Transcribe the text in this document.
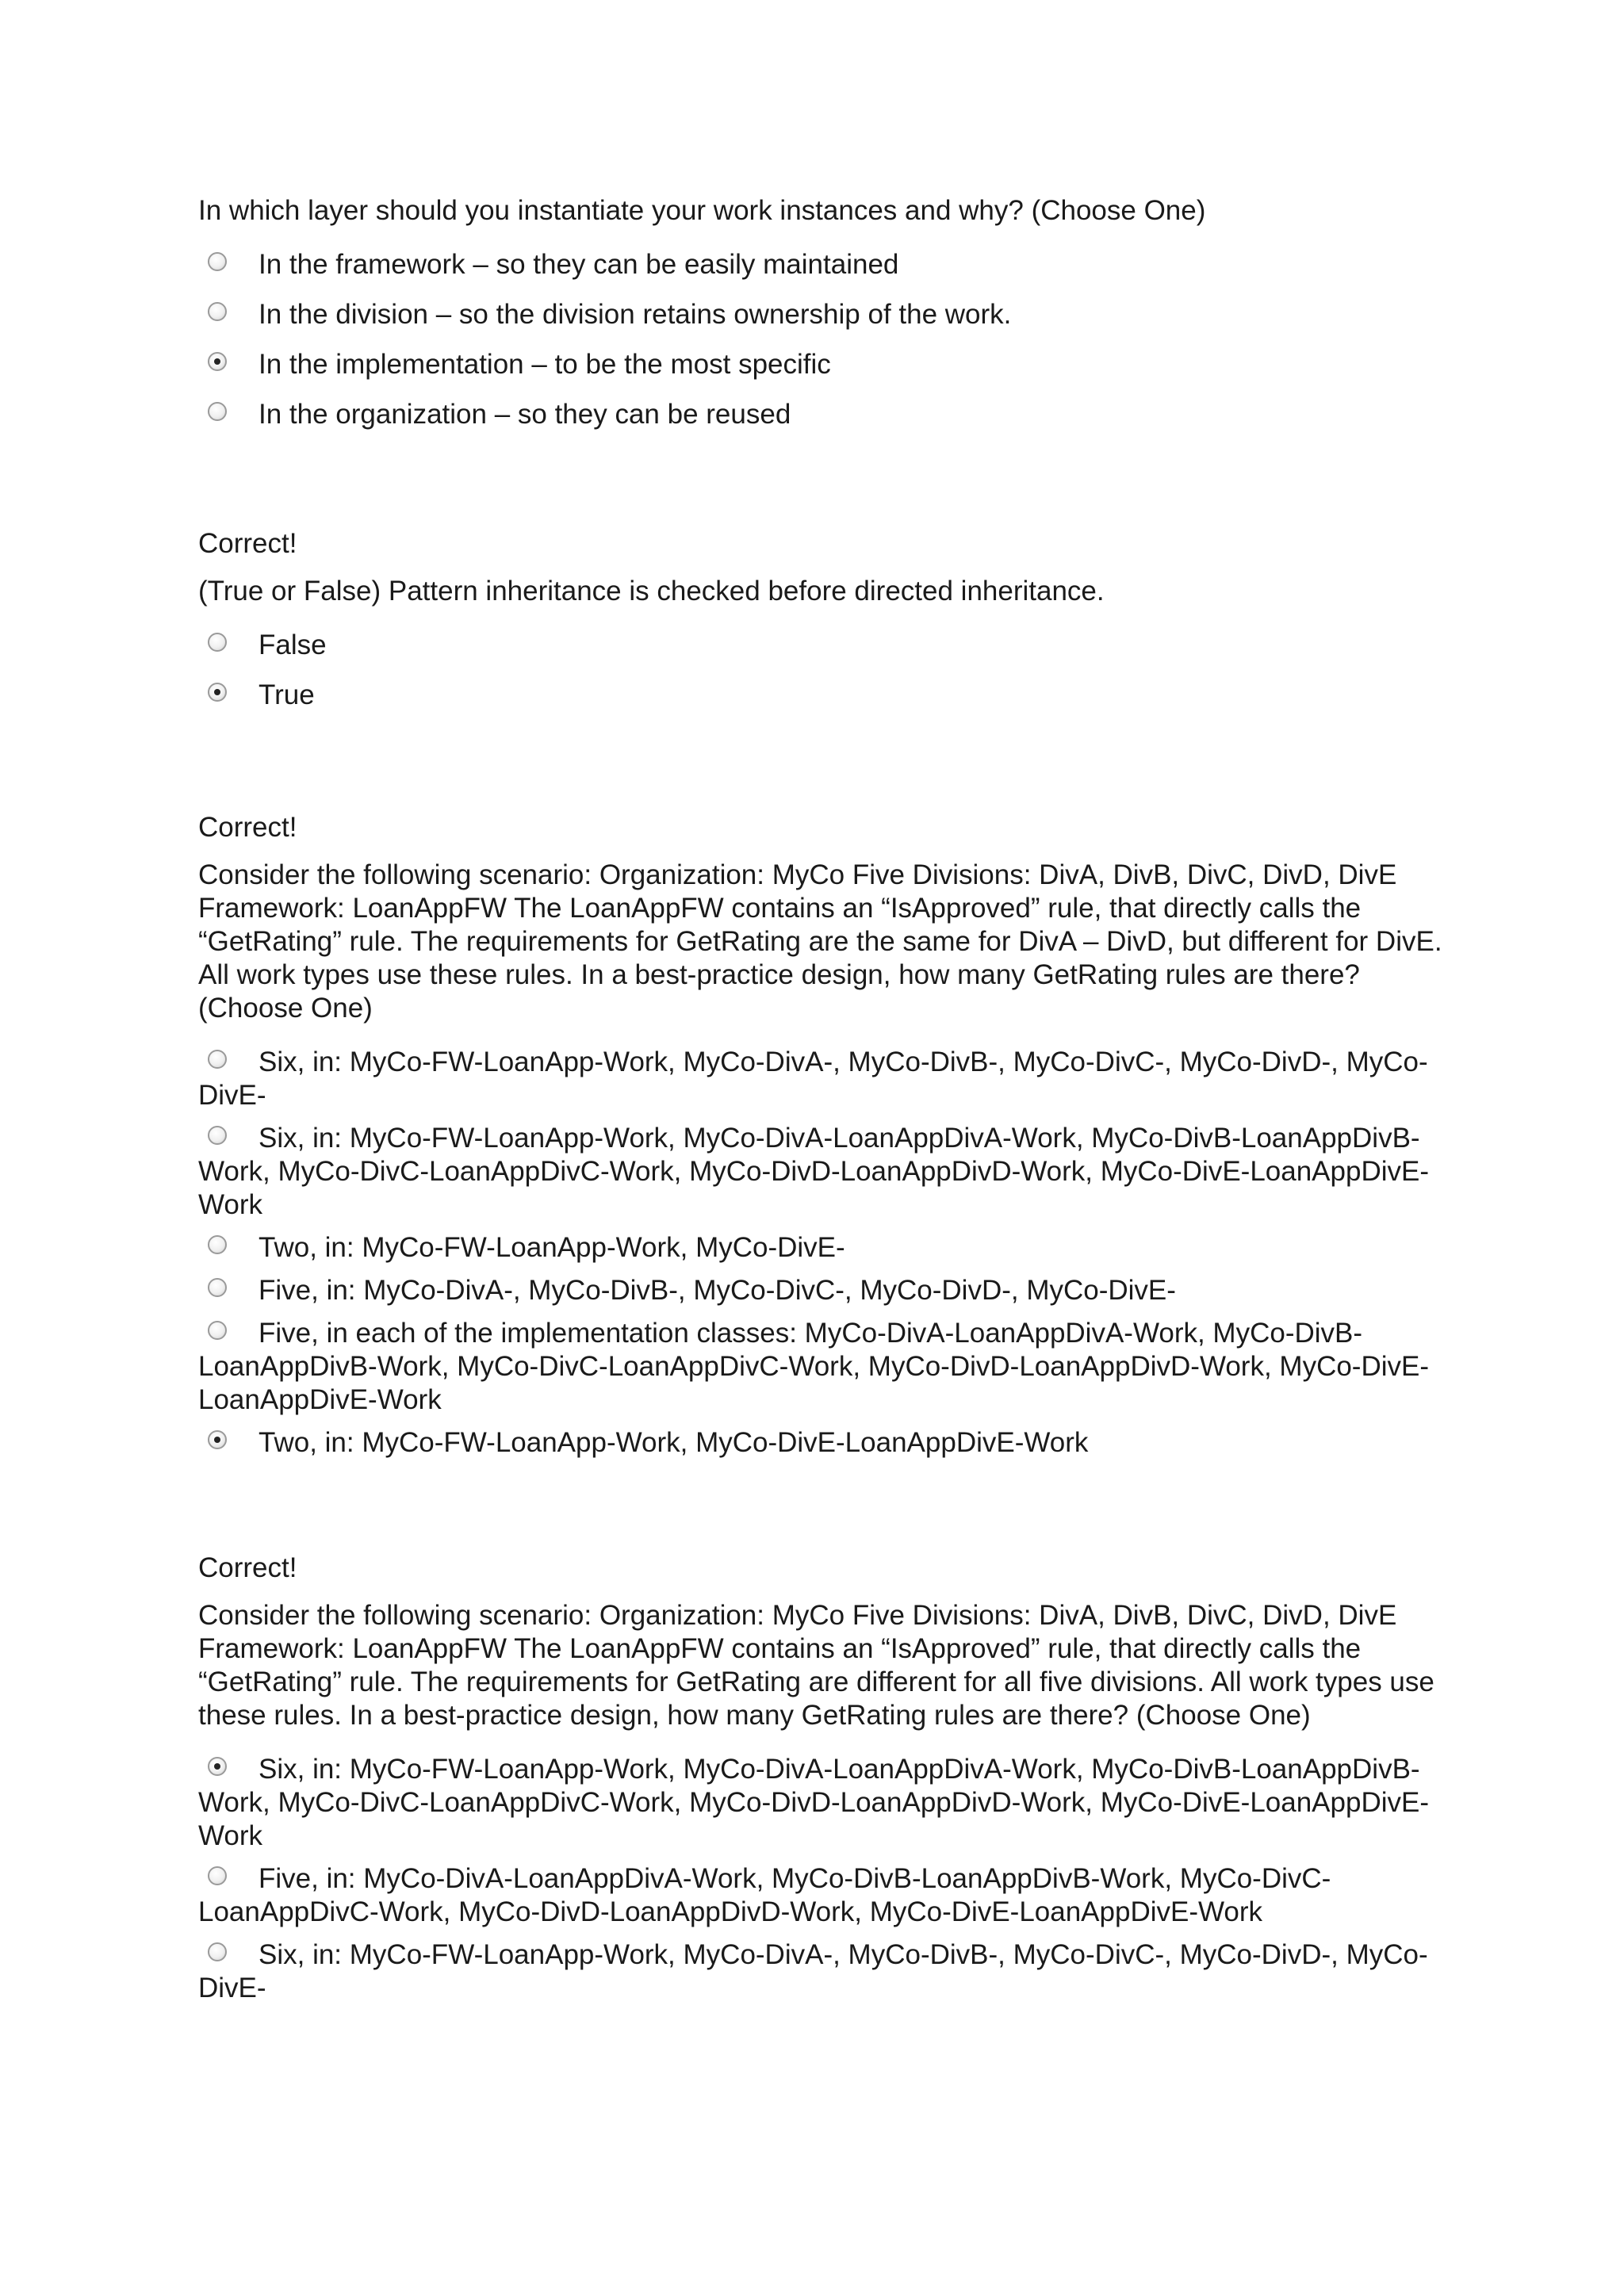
In which layer should you instantiate your work instances and why? (Choose One)
In the framework – so they can be easily maintained
In the division – so the division retains ownership of the work.
In the implementation – to be the most specific
In the organization – so they can be reused
Correct!
(True or False) Pattern inheritance is checked before directed inheritance.
False
True
Correct!
Consider the following scenario: Organization: MyCo Five Divisions: DivA, DivB, DivC, DivD, DivE Framework: LoanAppFW The LoanAppFW contains an “IsApproved” rule, that directly calls the “GetRating” rule. The requirements for GetRating are the same for DivA – DivD, but different for DivE. All work types use these rules. In a best-practice design, how many GetRating rules are there?(Choose One)
Six, in: MyCo-FW-LoanApp-Work, MyCo-DivA-, MyCo-DivB-, MyCo-DivC-, MyCo-DivD-, MyCo-DivE-
Six, in: MyCo-FW-LoanApp-Work, MyCo-DivA-LoanAppDivA-Work, MyCo-DivB-LoanAppDivB-Work, MyCo-DivC-LoanAppDivC-Work, MyCo-DivD-LoanAppDivD-Work, MyCo-DivE-LoanAppDivE-Work
Two, in: MyCo-FW-LoanApp-Work, MyCo-DivE-
Five, in: MyCo-DivA-, MyCo-DivB-, MyCo-DivC-, MyCo-DivD-, MyCo-DivE-
Five, in each of the implementation classes: MyCo-DivA-LoanAppDivA-Work, MyCo-DivB-LoanAppDivB-Work, MyCo-DivC-LoanAppDivC-Work, MyCo-DivD-LoanAppDivD-Work, MyCo-DivE-LoanAppDivE-Work
Two, in: MyCo-FW-LoanApp-Work, MyCo-DivE-LoanAppDivE-Work
Correct!
Consider the following scenario: Organization: MyCo Five Divisions: DivA, DivB, DivC, DivD, DivE Framework: LoanAppFW The LoanAppFW contains an “IsApproved” rule, that directly calls the “GetRating” rule. The requirements for GetRating are different for all five divisions. All work types use these rules. In a best-practice design, how many GetRating rules are there? (Choose One)
Six, in: MyCo-FW-LoanApp-Work, MyCo-DivA-LoanAppDivA-Work, MyCo-DivB-LoanAppDivB-Work, MyCo-DivC-LoanAppDivC-Work, MyCo-DivD-LoanAppDivD-Work, MyCo-DivE-LoanAppDivE-Work
Five, in: MyCo-DivA-LoanAppDivA-Work, MyCo-DivB-LoanAppDivB-Work, MyCo-DivC-LoanAppDivC-Work, MyCo-DivD-LoanAppDivD-Work, MyCo-DivE-LoanAppDivE-Work
Six, in: MyCo-FW-LoanApp-Work, MyCo-DivA-, MyCo-DivB-, MyCo-DivC-, MyCo-DivD-, MyCo-DivE-
